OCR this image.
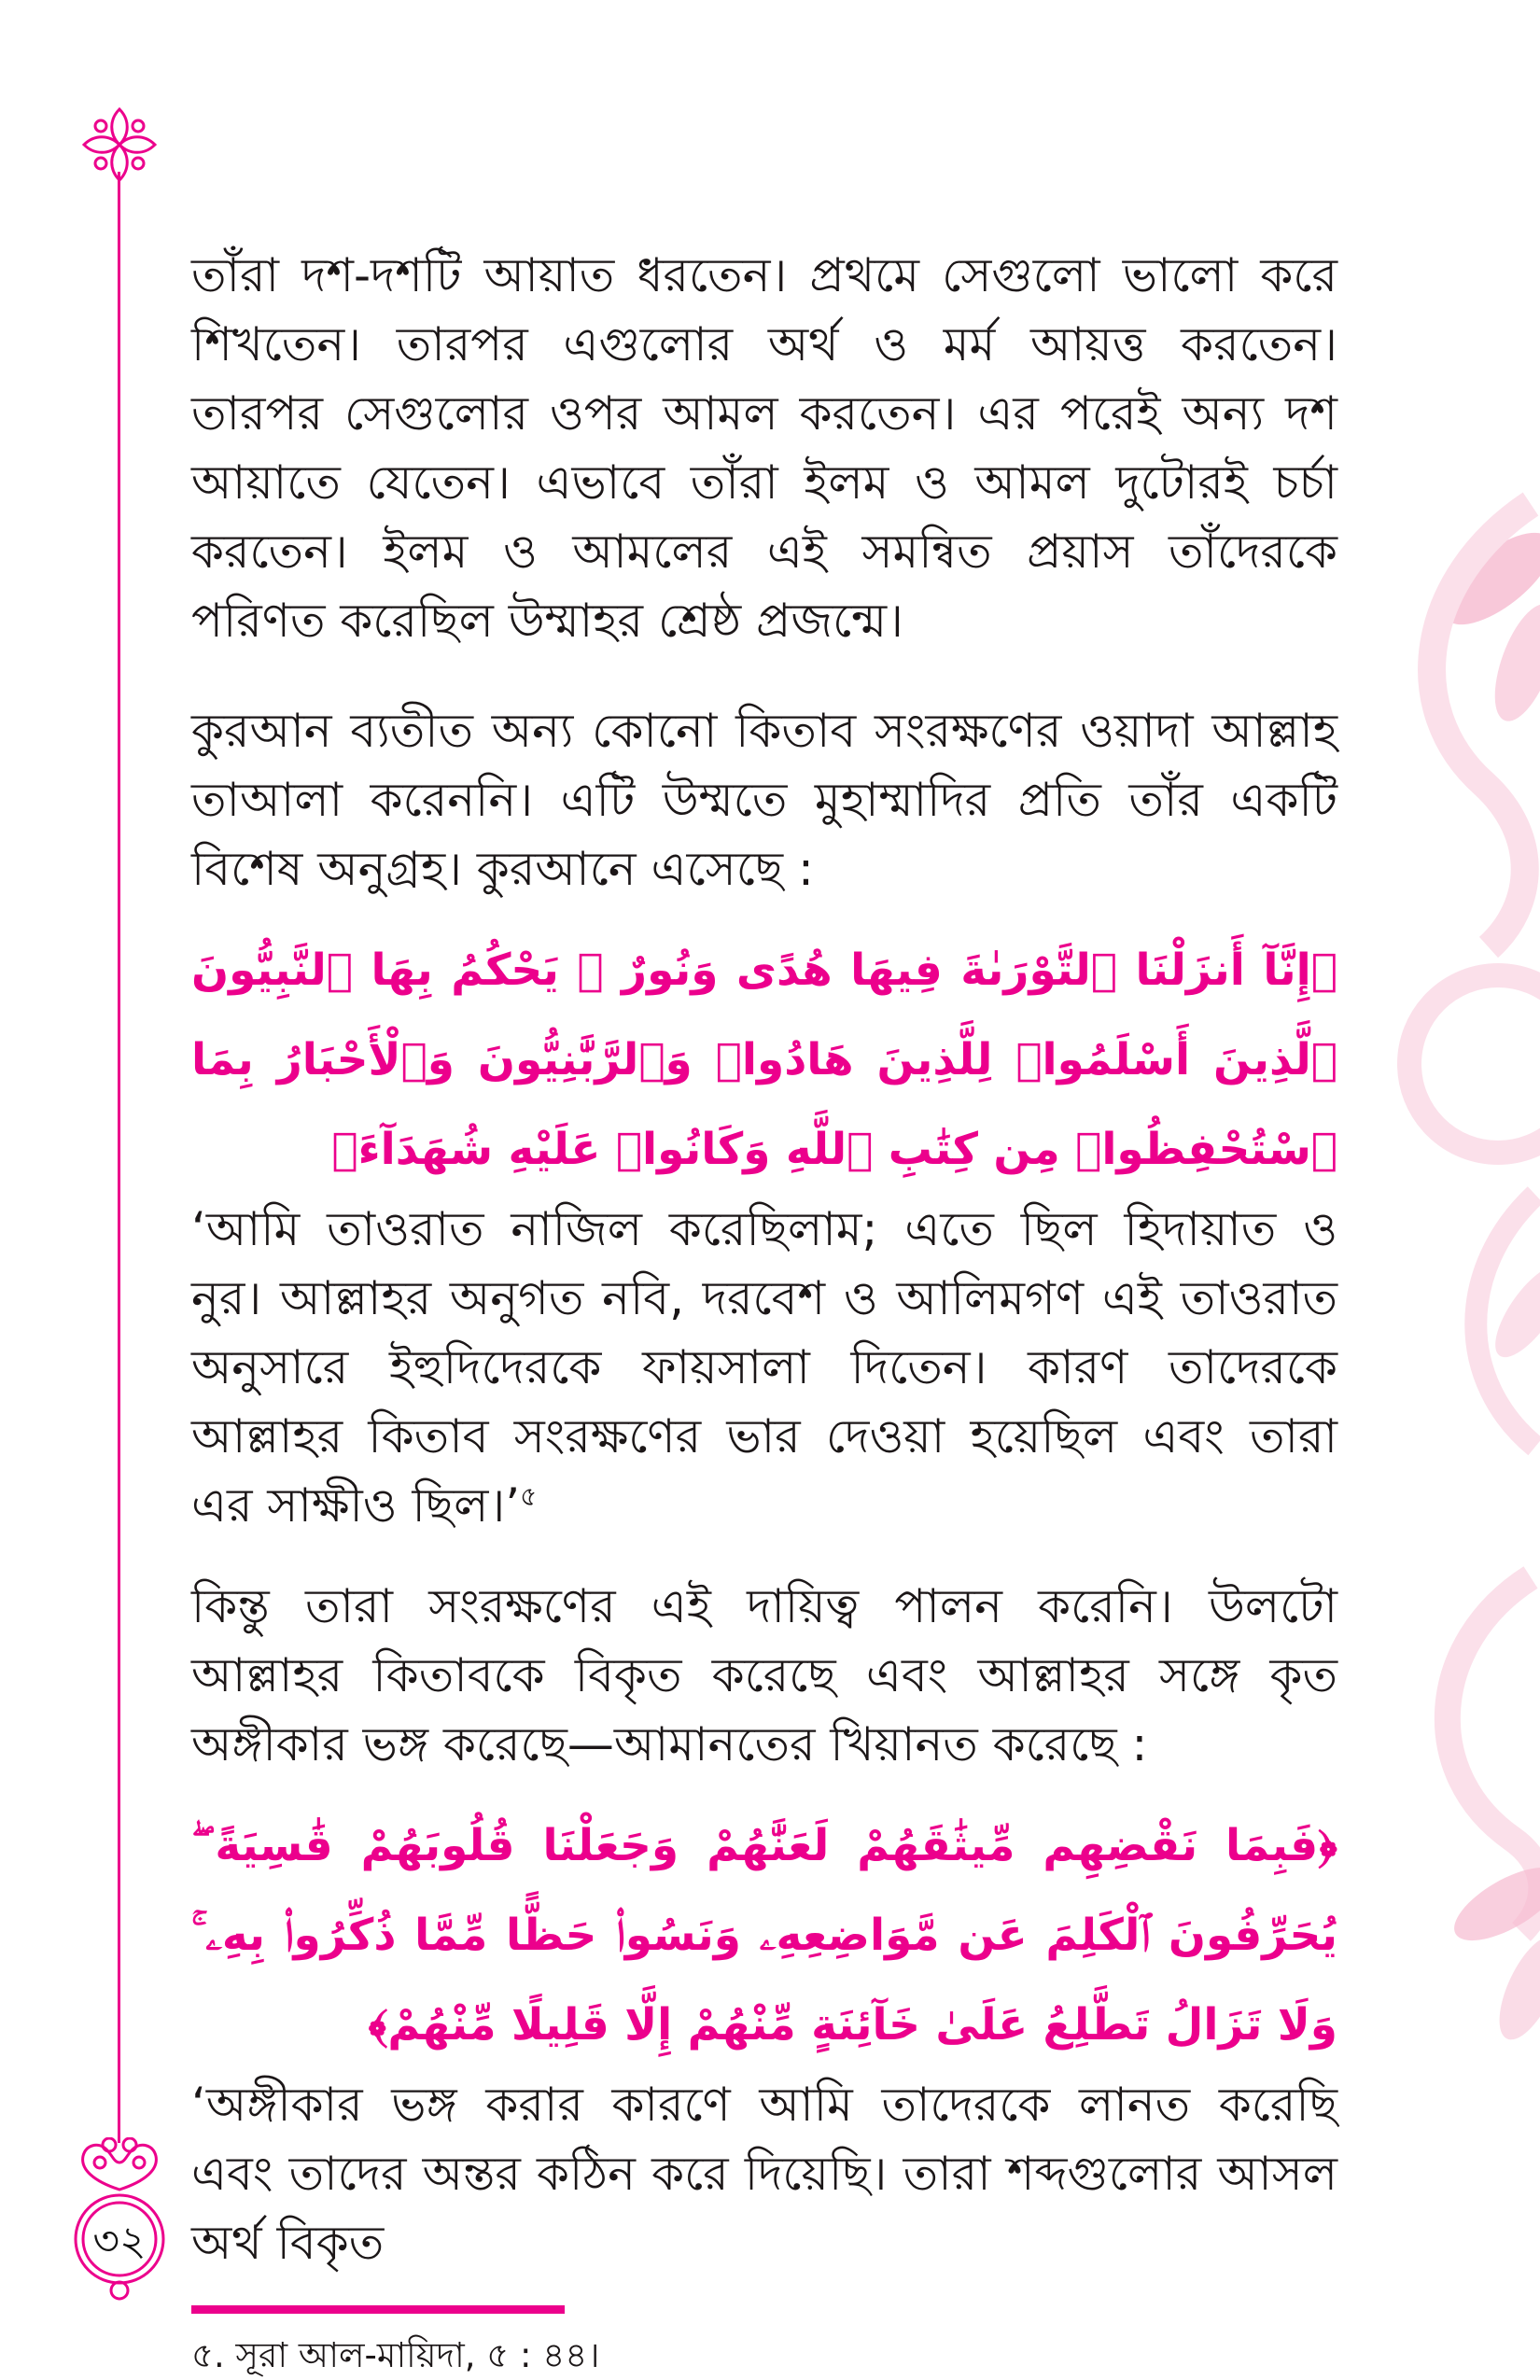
৩২

তাঁরা দশ-দশটি আয়াত ধরতেন। প্রথমে সেগুলো ভালো করে শিখতেন। তারপর এগুলোর অর্থ ও মর্ম আয়ত্ত করতেন। তারপর সেগুলোর ওপর আমল করতেন। এর পরেই অন্য দশ আয়াতে যেতেন। এভাবে তাঁরা ইলম ও আমল দুটোরই চর্চা করতেন। ইলম ও আমলের এই সমন্বিত প্রয়াস তাঁদেরকে পরিণত করেছিল উম্মাহর শ্রেষ্ঠ প্রজন্মে।

কুরআন ব্যতীত অন্য কোনো কিতাব সংরক্ষণের ওয়াদা আল্লাহ তাআলা করেননি। এটি উম্মতে মুহাম্মাদির প্রতি তাঁর একটি বিশেষ অনুগ্রহ। কুরআনে এসেছে :

﴿إِنَّآ أَنزَلْنَا ٱلتَّوْرَىٰةَ فِيهَا هُدًى وَنُورٌ ۚ يَحْكُمُ بِهَا ٱلنَّبِيُّونَ ٱلَّذِينَ أَسْلَمُوا۟ لِلَّذِينَ هَادُوا۟ وَٱلرَّبَّٰنِيُّونَ وَٱلْأَحْبَارُ بِمَا ٱسْتُحْفِظُوا۟ مِن كِتَٰبِ ٱللَّهِ وَكَانُوا۟ عَلَيْهِ شُهَدَآءَ﴾

‘আমি তাওরাত নাজিল করেছিলাম; এতে ছিল হিদায়াত ও নুর। আল্লাহর অনুগত নবি, দরবেশ ও আলিমগণ এই তাওরাত অনুসারে ইহুদিদেরকে ফায়সালা দিতেন। কারণ তাদেরকে আল্লাহর কিতাব সংরক্ষণের ভার দেওয়া হয়েছিল এবং তারা এর সাক্ষীও ছিল।’$^৫$

কিন্তু তারা সংরক্ষণের এই দায়িত্ব পালন করেনি। উলটো আল্লাহর কিতাবকে বিকৃত করেছে এবং আল্লাহর সঙ্গে কৃত অঙ্গীকার ভঙ্গ করেছে—আমানতের খিয়ানত করেছে :

﴿فَبِمَا نَقْضِهِم مِّيثَٰقَهُمْ لَعَنَّٰهُمْ وَجَعَلْنَا قُلُوبَهُمْ قَٰسِيَةً ۖ يُحَرِّفُونَ ٱلْكَلِمَ عَن مَّوَاضِعِهِۦ وَنَسُوا۟ حَظًّا مِّمَّا ذُكِّرُوا۟ بِهِۦ ۚ وَلَا تَزَالُ تَطَّلِعُ عَلَىٰ خَآئِنَةٍ مِّنْهُمْ إِلَّا قَلِيلًا مِّنْهُمْ﴾

‘অঙ্গীকার ভঙ্গ করার কারণে আমি তাদেরকে লানত করেছি এবং তাদের অন্তর কঠিন করে দিয়েছি। তারা শব্দগুলোর আসল অর্থ বিকৃত

৫. সূরা আল-মায়িদা, ৫ : ৪৪।
